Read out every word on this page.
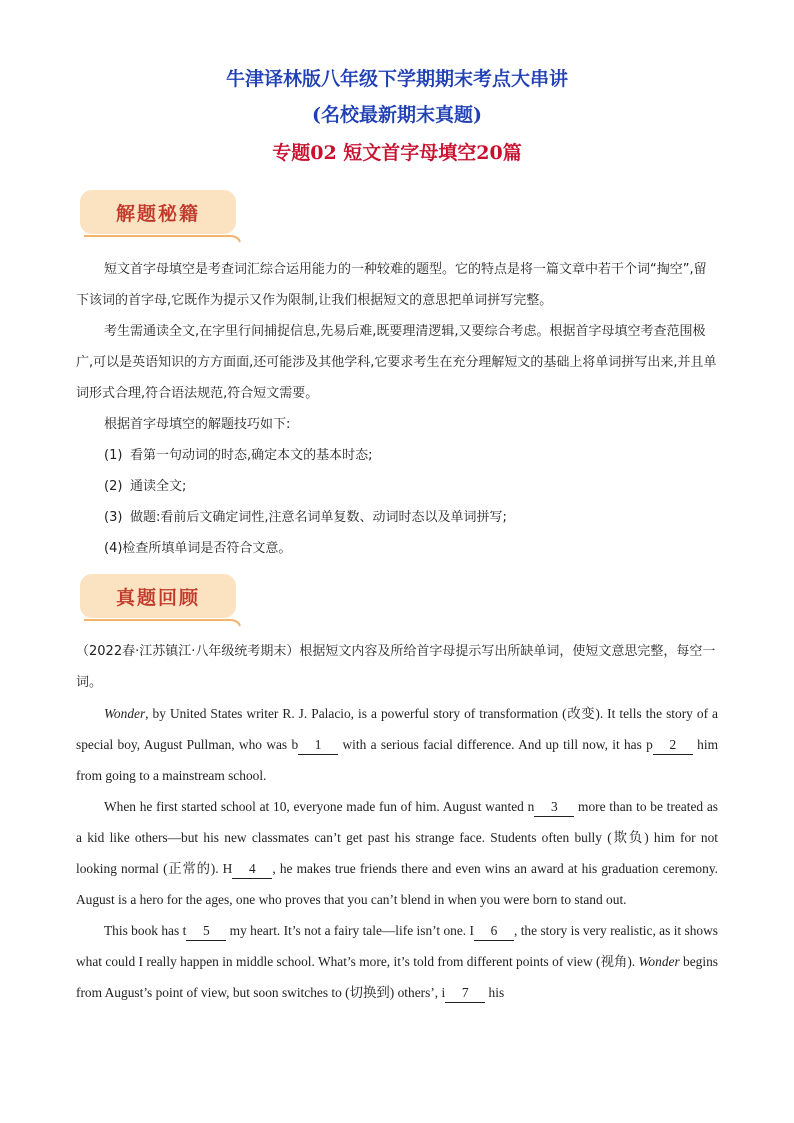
牛津译林版八年级下学期期末考点大串讲

(名校最新期末真题)

专题02 短文首字母填空20篇

解题秘籍

短文首字母填空是考查词汇综合运用能力的一种较难的题型。它的特点是将一篇文章中若干个词“掏空”,留下该词的首字母,它既作为提示又作为限制,让我们根据短文的意思把单词拼写完整。

考生需通读全文,在字里行间捕捉信息,先易后难,既要理清逻辑,又要综合考虑。根据首字母填空考查范围极广,可以是英语知识的方方面面,还可能涉及其他学科,它要求考生在充分理解短文的基础上将单词拼写出来,并且单词形式合理,符合语法规范,符合短文需要。

根据首字母填空的解题技巧如下:

(1) 看第一句动词的时态,确定本文的基本时态;

(2) 通读全文;

(3) 做题:看前后文确定词性,注意名词单复数、动词时态以及单词拼写;

(4)检查所填单词是否符合文意。

真题回顾

（2022春·江苏镇江·八年级统考期末）根据短文内容及所给首字母提示写出所缺单词，使短文意思完整，每空一词。

Wonder, by United States writer R. J. Palacio, is a powerful story of transformation (改变). It tells the story of a special boy, August Pullman, who was b 1 with a serious facial difference. And up till now, it has p 2 him from going to a mainstream school.

When he first started school at 10, everyone made fun of him. August wanted n 3 more than to be treated as a kid like others—but his new classmates can’t get past his strange face. Students often bully (欺负) him for not looking normal (正常的). H 4 , he makes true friends there and even wins an award at his graduation ceremony. August is a hero for the ages, one who proves that you can’t blend in when you were born to stand out.

This book has t 5 my heart. It’s not a fairy tale—life isn’t one. I 6 , the story is very realistic, as it shows what could I really happen in middle school. What’s more, it’s told from different points of view (视角). Wonder begins from August’s point of view, but soon switches to (切换到) others’, i 7 his
